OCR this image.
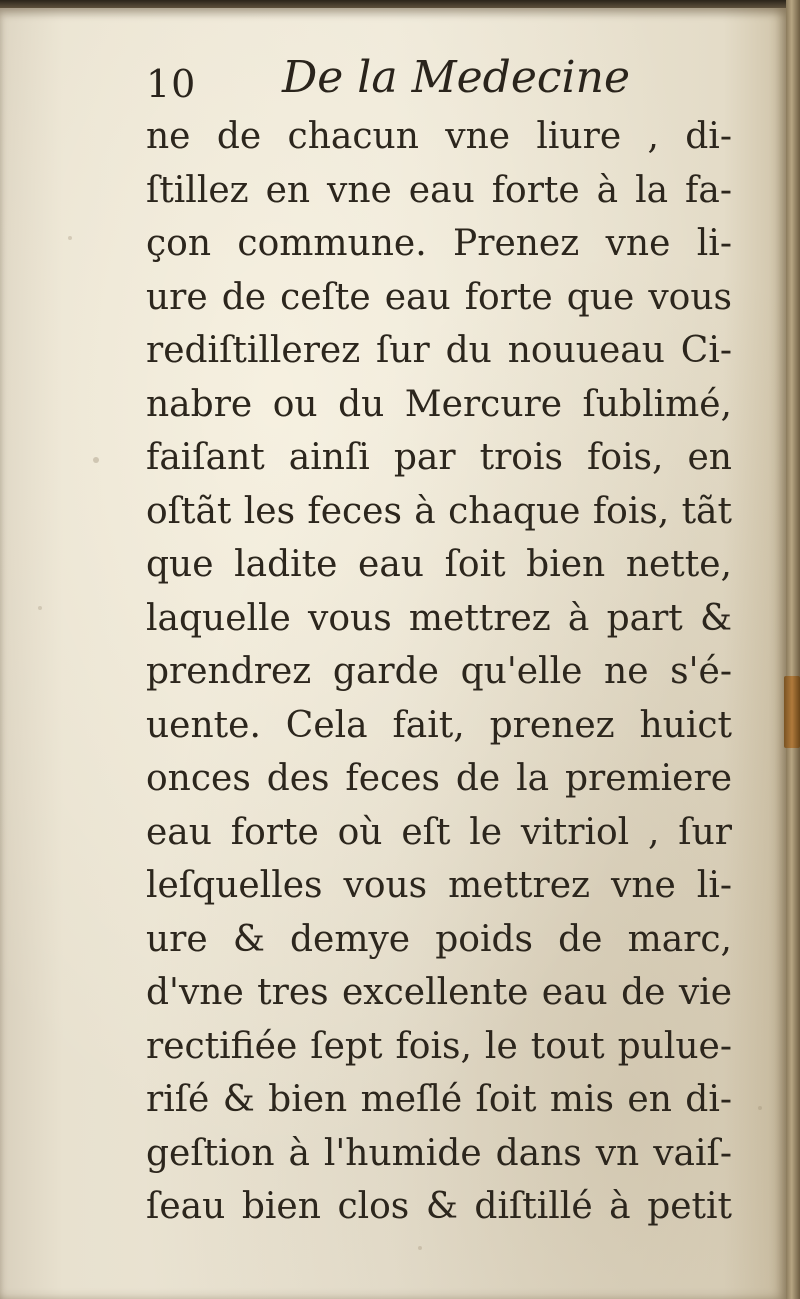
10 De la Medecine
ne de chacun vne liure , di-
ſtillez en vne eau forte à la fa-
çon commune. Prenez vne li-
ure de ceſte eau forte que vous
rediſtillerez ſur du nouueau Ci-
nabre ou du Mercure ſublimé,
faiſant ainſi par trois fois, en
oſtãt les feces à chaque fois, tãt
que ladite eau ſoit bien nette,
laquelle vous mettrez à part &
prendrez garde qu'elle ne s'é-
uente. Cela fait, prenez huict
onces des feces de la premiere
eau forte où eſt le vitriol , ſur
leſquelles vous mettrez vne li-
ure & demye poids de marc,
d'vne tres excellente eau de vie
rectifiée ſept fois, le tout pulue-
riſé & bien meſlé ſoit mis en di-
geſtion à l'humide dans vn vaiſ-
ſeau bien clos & diſtillé à petit
